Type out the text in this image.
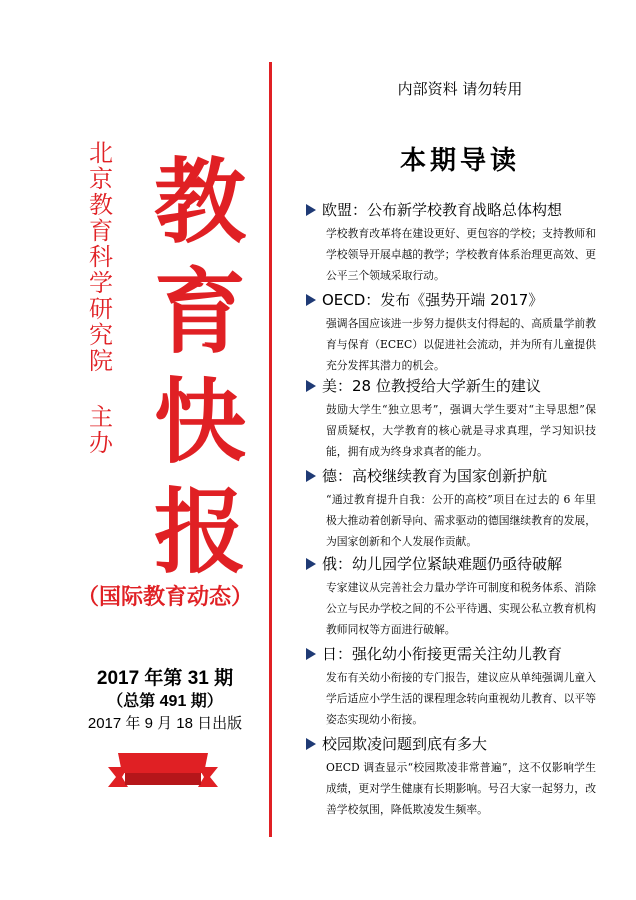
北
京
教
育
科
学
研
究
院
主
办
教
育
快
报
（国际教育动态）
2017 年第 31 期
（总第 491 期）
2017 年 9 月 18 日出版
内部资料 请勿转用
本期导读
欧盟：公布新学校教育战略总体构想
学校教育改革将在建设更好、更包容的学校；支持教师和学校领导开展卓越的教学；学校教育体系治理更高效、更公平三个领域采取行动。
OECD：发布《强势开端 2017》
强调各国应该进一步努力提供支付得起的、高质量学前教育与保育（ECEC）以促进社会流动，并为所有儿童提供充分发挥其潜力的机会。
美：28 位教授给大学新生的建议
鼓励大学生“独立思考”，强调大学生要对“主导思想”保留质疑权，大学教育的核心就是寻求真理，学习知识技能，拥有成为终身求真者的能力。
德：高校继续教育为国家创新护航
“通过教育提升自我：公开的高校”项目在过去的 6 年里极大推动着创新导向、需求驱动的德国继续教育的发展，为国家创新和个人发展作贡献。
俄：幼儿园学位紧缺难题仍亟待破解
专家建议从完善社会力量办学许可制度和税务体系、消除公立与民办学校之间的不公平待遇、实现公私立教育机构教师同权等方面进行破解。
日：强化幼小衔接更需关注幼儿教育
发布有关幼小衔接的专门报告，建议应从单纯强调儿童入学后适应小学生活的课程理念转向重视幼儿教育、以平等姿态实现幼小衔接。
校园欺凌问题到底有多大
OECD 调查显示“校园欺凌非常普遍”，这不仅影响学生成绩，更对学生健康有长期影响。号召大家一起努力，改善学校氛围，降低欺凌发生频率。
